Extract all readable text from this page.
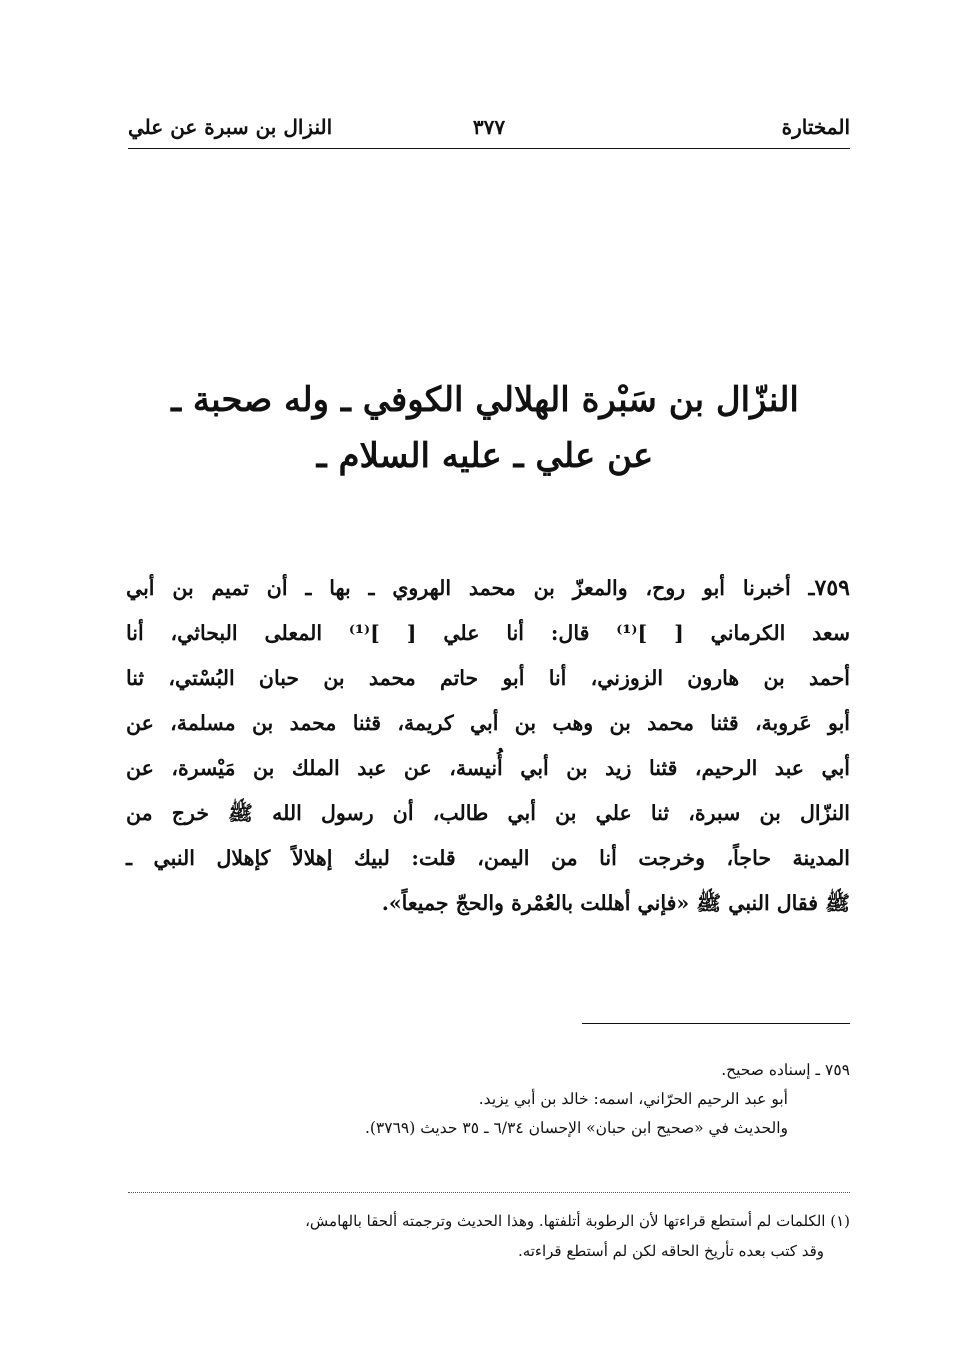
المختارة
٣٧٧
النزال بن سبرة عن علي
النزّال بن سَبْرة الهلالي الكوفي ـ وله صحبة ـ
عن علي ـ عليه السلام ـ
٧٥٩ـ أخبرنا أبو روح، والمعزّ بن محمد الهروي ـ بها ـ أن تميم بن أبي
سعد الكرماني [ ]⁽¹⁾ قال: أنا علي [ ]⁽¹⁾ المعلى البحاثي، أنا
أحمد بن هارون الزوزني، أنا أبو حاتم محمد بن حبان البُسْتي، ثنا
أبو عَروبة، قثنا محمد بن وهب بن أبي كريمة، قثنا محمد بن مسلمة، عن
أبي عبد الرحيم، قثنا زيد بن أبي أُنيسة، عن عبد الملك بن مَيْسرة، عن
النزّال بن سبرة، ثنا علي بن أبي طالب، أن رسول الله ﷺ خرج من
المدينة حاجاً، وخرجت أنا من اليمن، قلت: لبيك إهلالاً كإهلال النبي ـ
ﷺ فقال النبي ﷺ «فإني أهللت بالعُمْرة والحجّ جميعاً».
٧٥٩ ـ إسناده صحيح.
أبو عبد الرحيم الحرّاني، اسمه: خالد بن أبي يزيد.
والحديث في «صحيح ابن حبان» الإحسان ٦/٣٤ ـ ٣٥ حديث (٣٧٦٩).
(١) الكلمات لم أستطع قراءتها لأن الرطوبة أتلفتها. وهذا الحديث وترجمته ألحقا بالهامش،
وقد كتب بعده تأريخ الحاقه لكن لم أستطع قراءته.
